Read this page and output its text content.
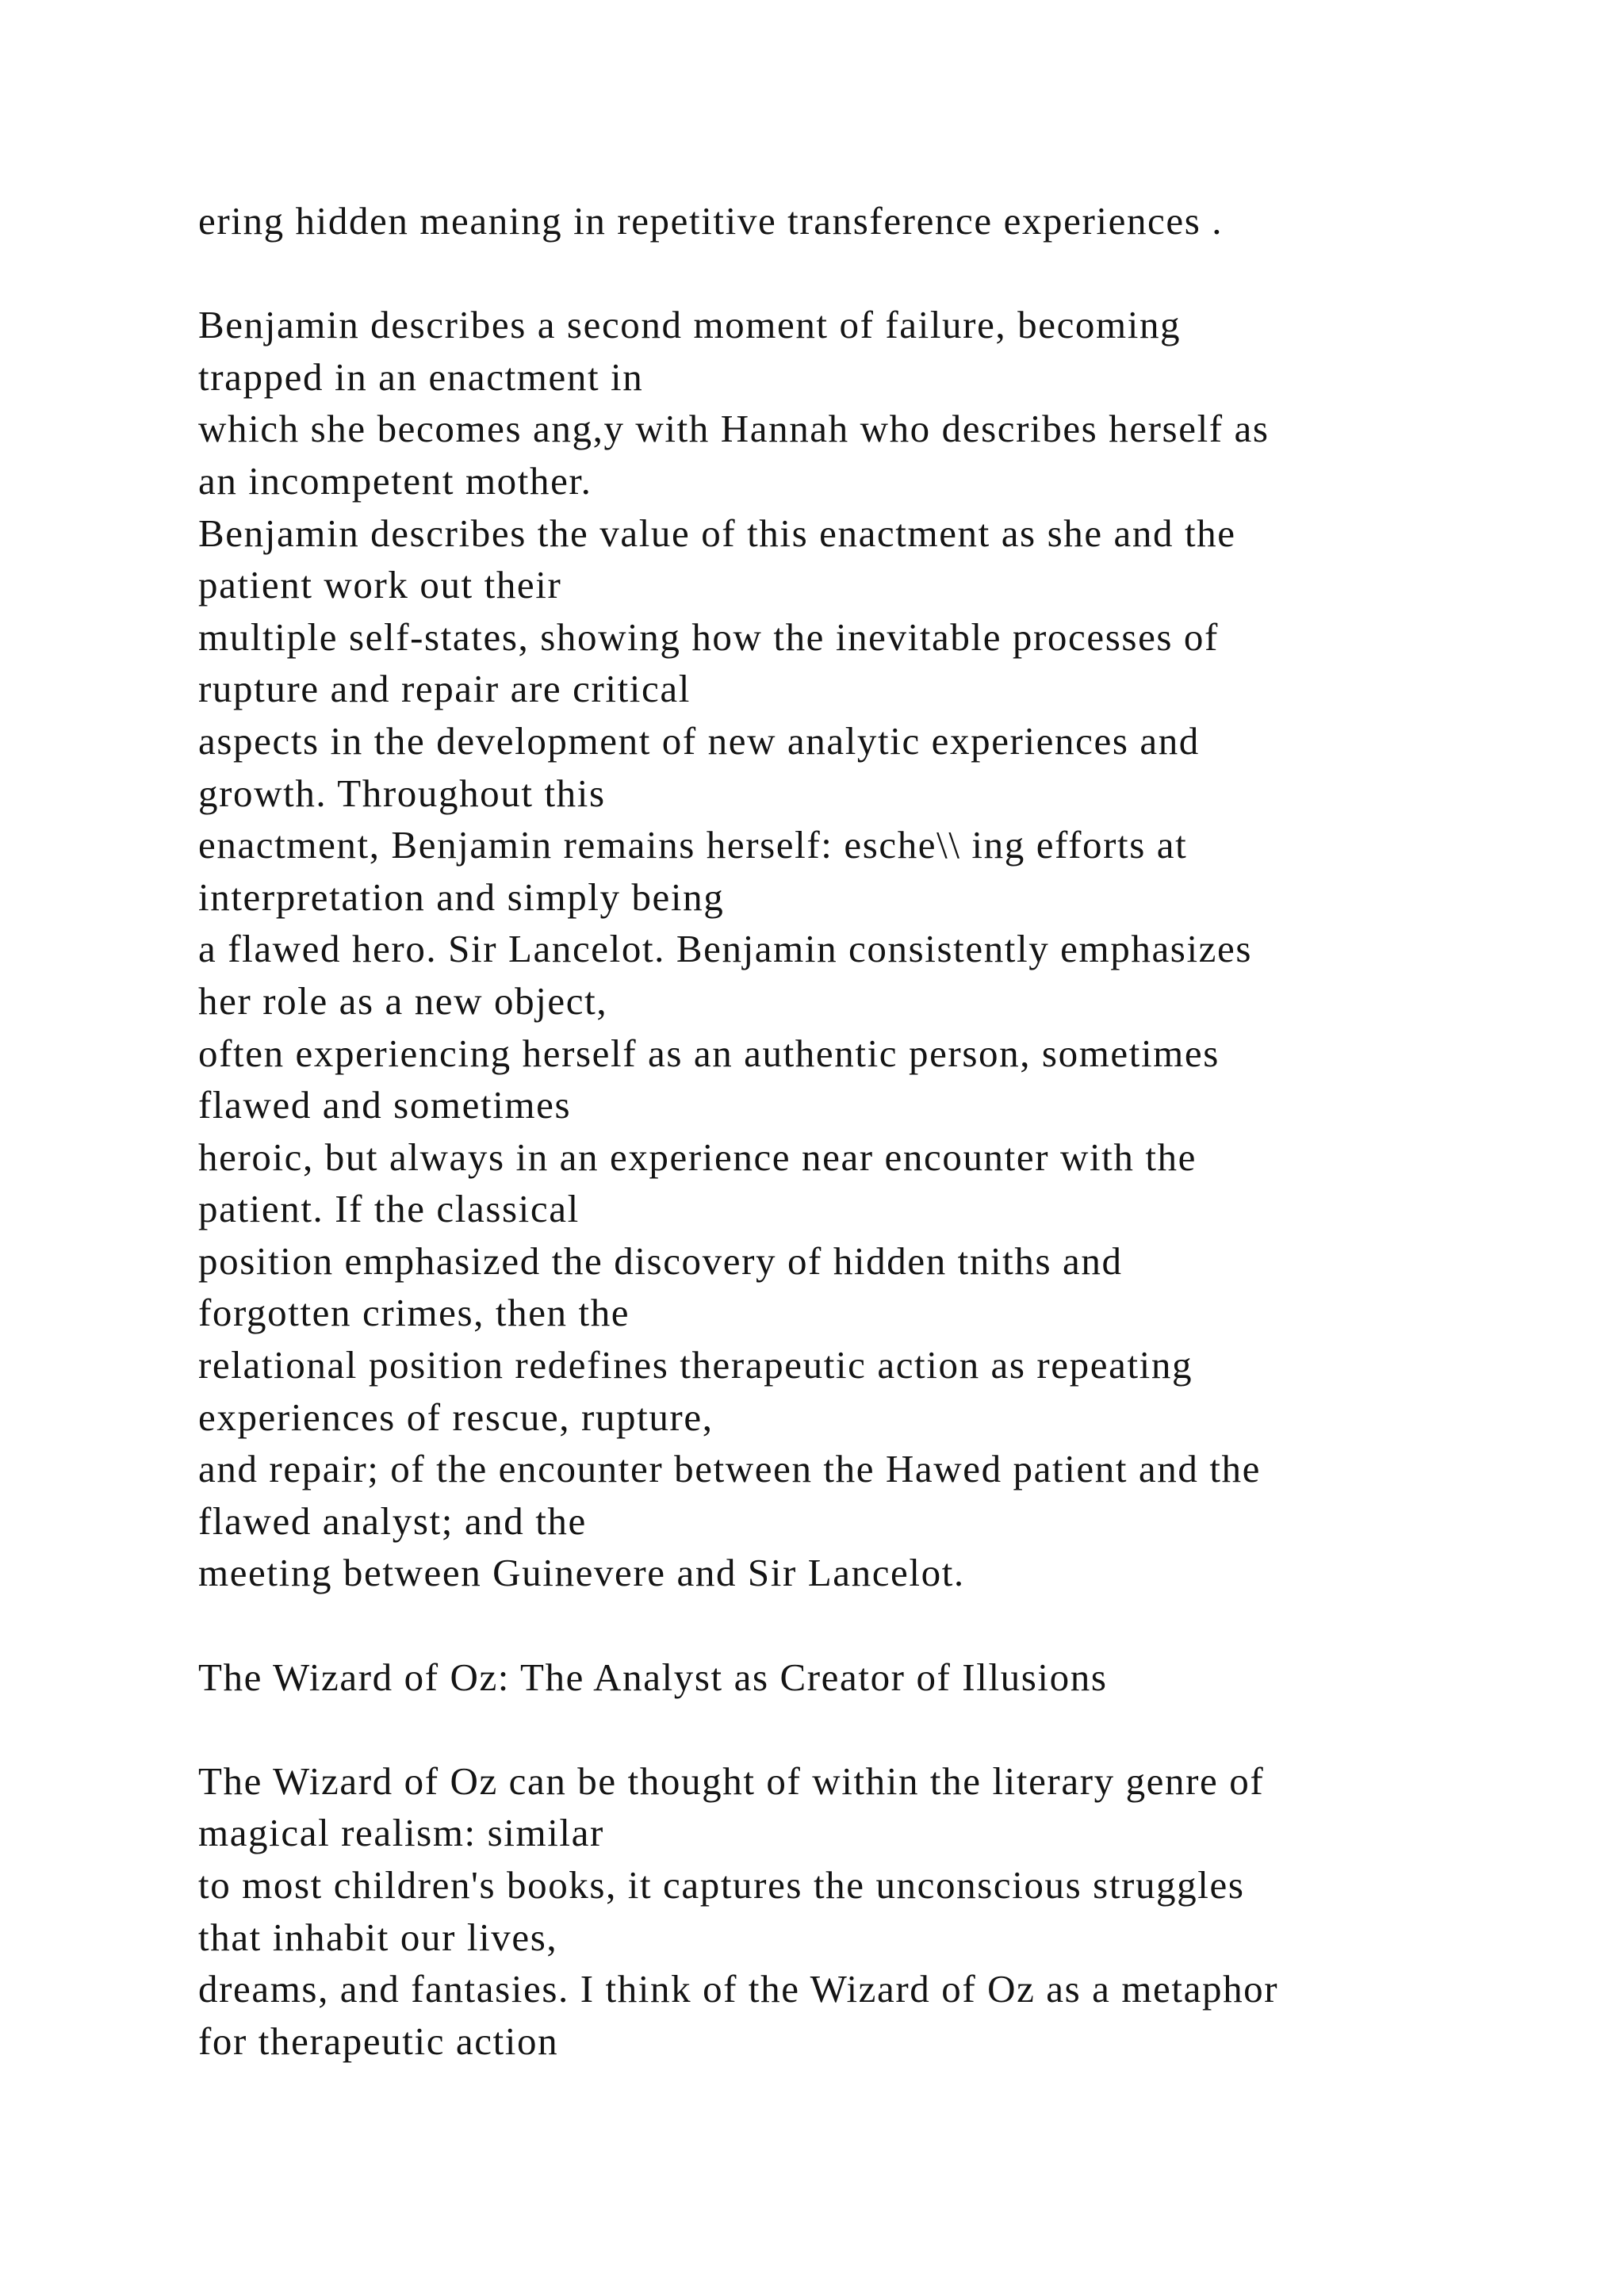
ering hidden meaning in repetitive transference experiences .
Benjamin describes a second moment of failure, becoming
trapped in an enactment in
which she becomes ang,y with Hannah who describes herself as
an incompetent mother.
Benjamin describes the value of this enactment as she and the
patient work out their
multiple self-states, showing how the inevitable processes of
rupture and repair are critical
aspects in the development of new analytic experiences and
growth. Throughout this
enactment, Benjamin remains herself: esche\\ ing efforts at
interpretation and simply being
a flawed hero. Sir Lancelot. Benjamin consistently emphasizes
her role as a new object,
often experiencing herself as an authentic person, sometimes
flawed and sometimes
heroic, but always in an experience near encounter with the
patient. If the classical
position emphasized the discovery of hidden tniths and
forgotten crimes, then the
relational position redefines therapeutic action as repeating
experiences of rescue, rupture,
and repair; of the encounter between the Hawed patient and the
flawed analyst; and the
meeting between Guinevere and Sir Lancelot.
The Wizard of Oz: The Analyst as Creator of Illusions
The Wizard of Oz can be thought of within the literary genre of
magical realism: similar
to most children's books, it captures the unconscious struggles
that inhabit our lives,
dreams, and fantasies. I think of the Wizard of Oz as a metaphor
for therapeutic action
